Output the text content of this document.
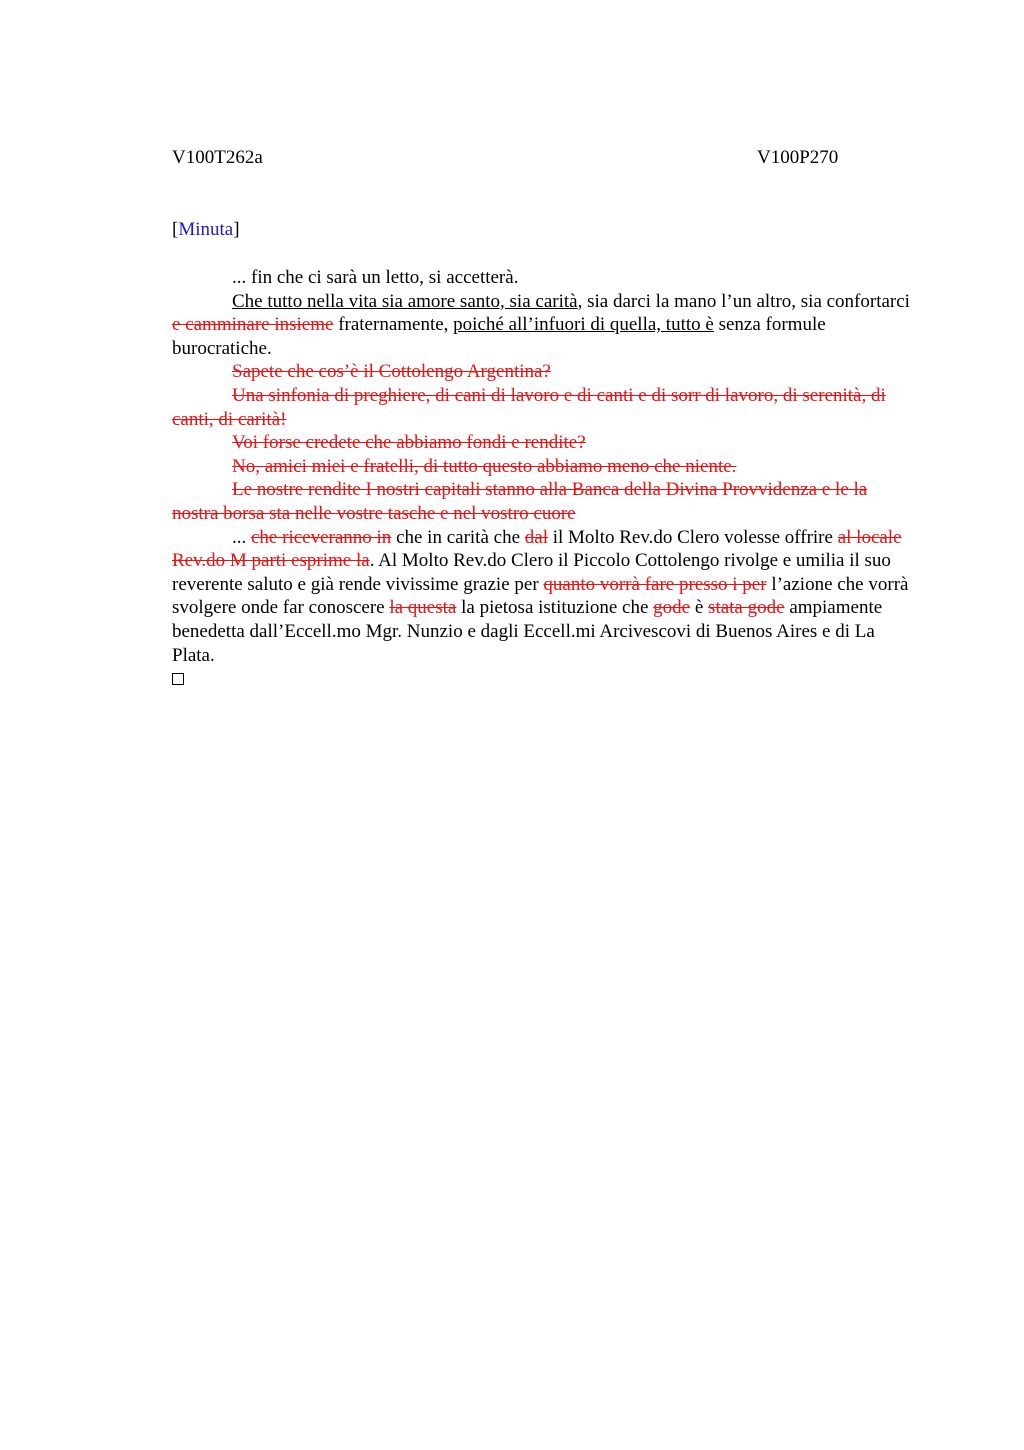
V100T262a	V100P270
[Minuta]

... fin che ci sarà un letto, si accetterà.

Che tutto nella vita sia amore santo, sia carità, sia darci la mano l’un altro, sia confortarci e camminare insieme fraternamente, poiché all’infuori di quella, tutto è senza formule burocratiche.

Sapete che cos’è il Cottolengo Argentina?

Una sinfonia di preghiere, di cani di lavoro e di canti e di sorr di lavoro, di serenità, di canti, di carità!

Voi forse credete che abbiamo fondi e rendite?

No, amici miei e fratelli, di tutto questo abbiamo meno che niente.

Le nostre rendite I nostri capitali stanno alla Banca della Divina Provvidenza e le la nostra borsa sta nelle vostre tasche e nel vostro cuore

... che riceveranno in che in carità che dal il Molto Rev.do Clero volesse offrire al locale Rev.do M parti esprime la. Al Molto Rev.do Clero il Piccolo Cottolengo rivolge e umilia il suo reverente saluto e già rende vivissime grazie per quanto vorrà fare presso i per l’azione che vorrà svolgere onde far conoscere la questa la pietosa istituzione che gode è stata gode ampiamente benedetta dall’Eccell.mo Mgr. Nunzio e dagli Eccell.mi Arcivescovi di Buenos Aires e di La Plata.
